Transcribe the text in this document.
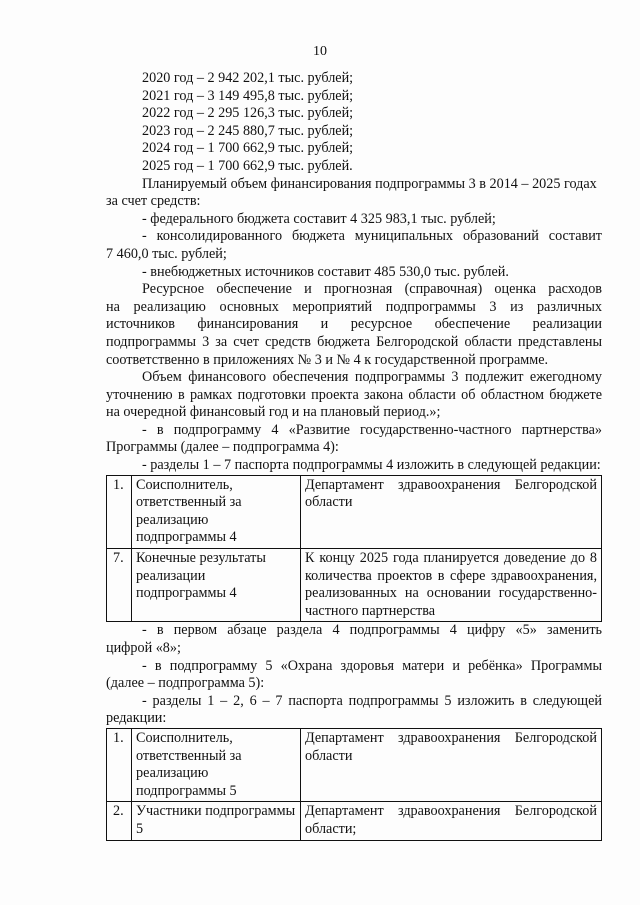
10

2020 год – 2 942 202,1 тыс. рублей;

2021 год – 3 149 495,8 тыс. рублей;

2022 год – 2 295 126,3 тыс. рублей;

2023 год – 2 245 880,7 тыс. рублей;

2024 год – 1 700 662,9 тыс. рублей;

2025 год – 1 700 662,9 тыс. рублей.

Планируемый объем финансирования подпрограммы 3 в 2014 – 2025 годах

за счет средств:

- федерального бюджета составит 4 325 983,1 тыс. рублей;

- консолидированного бюджета муниципальных образований составит

7 460,0 тыс. рублей;

- внебюджетных источников составит 485 530,0 тыс. рублей.

Ресурсное обеспечение и прогнозная (справочная) оценка расходов

на реализацию основных мероприятий подпрограммы 3 из различных

источников финансирования и ресурсное обеспечение реализации

подпрограммы 3 за счет средств бюджета Белгородской области представлены

соответственно в приложениях № 3 и № 4 к государственной программе.

Объем финансового обеспечения подпрограммы 3 подлежит ежегодному

уточнению в рамках подготовки проекта закона области об областном бюджете

на очередной финансовый год и на плановый период.»;

- в подпрограмму 4 «Развитие государственно-частного партнерства»

Программы (далее – подпрограмма 4):

- разделы 1 – 7 паспорта подпрограммы 4 изложить в следующей редакции:

1.	Соисполнитель, ответственный за реализацию подпрограммы 4	Департамент здравоохранения Белгородской области
7.	Конечные результаты реализации подпрограммы 4	К концу 2025 года планируется доведение до 8 количества проектов в сфере здравоохранения, реализованных на основании государственно-частного партнерства

- в первом абзаце раздела 4 подпрограммы 4 цифру «5» заменить

цифрой «8»;

- в подпрограмму 5 «Охрана здоровья матери и ребёнка» Программы

(далее – подпрограмма 5):

- разделы 1 – 2, 6 – 7 паспорта подпрограммы 5 изложить в следующей

редакции:

1.	Соисполнитель, ответственный за реализацию подпрограммы 5	Департамент здравоохранения Белгородской области
2.	Участники подпрограммы 5	Департамент здравоохранения Белгородской области;
